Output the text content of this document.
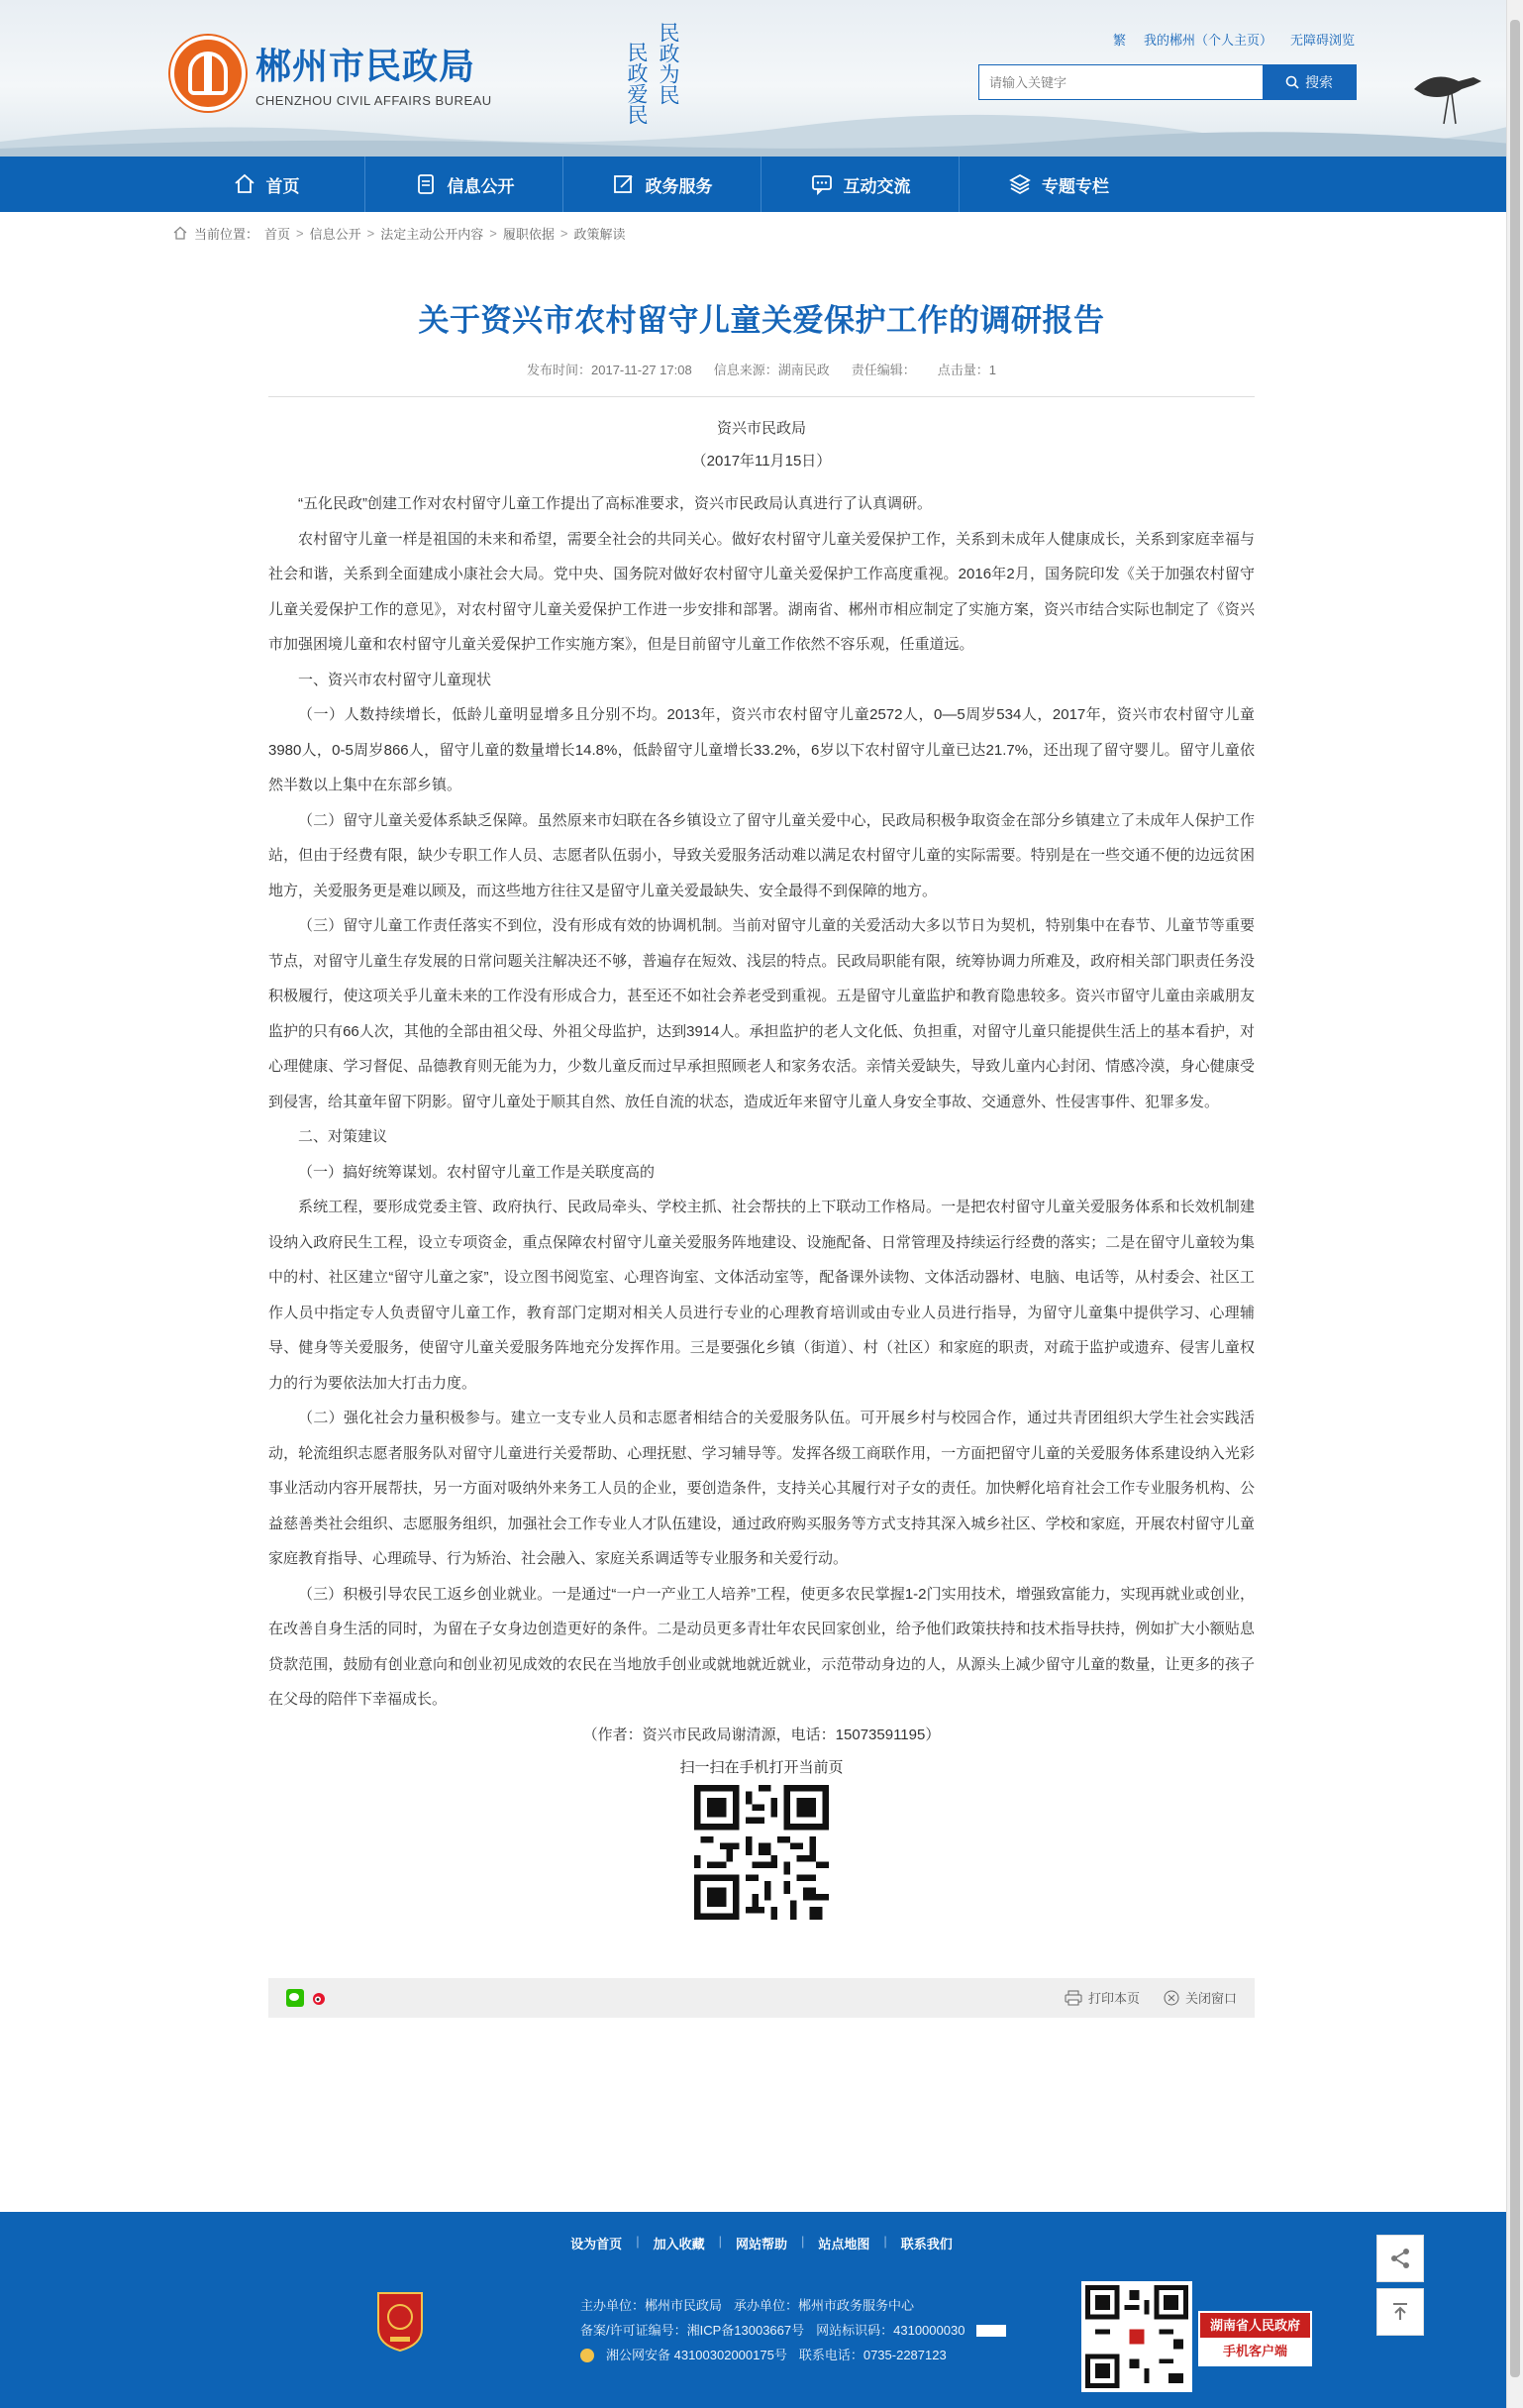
郴州市民政局
CHENZHOU CIVIL AFFAIRS BUREAU	民政为民
民政爱民
繁 我的郴州（个人主页） 无障碍浏览
请输入关键字
搜索
首页	信息公开	政务服务	互动交流	专题专栏
当前位置： 首页 > 信息公开 > 法定主动公开内容 > 履职依据 > 政策解读
关于资兴市农村留守儿童关爱保护工作的调研报告
发布时间：2017-11-27 17:08 信息来源：湖南民政 责任编辑： 点击量：1
资兴市民政局
（2017年11月15日）

“五化民政”创建工作对农村留守儿童工作提出了高标准要求，资兴市民政局认真进行了认真调研。

农村留守儿童一样是祖国的未来和希望，需要全社会的共同关心。做好农村留守儿童关爱保护工作，关系到未成年人健康成长，关系到家庭幸福与社会和谐，关系到全面建成小康社会大局。党中央、国务院对做好农村留守儿童关爱保护工作高度重视。2016年2月，国务院印发《关于加强农村留守儿童关爱保护工作的意见》，对农村留守儿童关爱保护工作进一步安排和部署。湖南省、郴州市相应制定了实施方案，资兴市结合实际也制定了《资兴市加强困境儿童和农村留守儿童关爱保护工作实施方案》，但是目前留守儿童工作依然不容乐观，任重道远。

一、资兴市农村留守儿童现状

（一）人数持续增长，低龄儿童明显增多且分别不均。2013年，资兴市农村留守儿童2572人，0—5周岁534人，2017年，资兴市农村留守儿童3980人，0-5周岁866人，留守儿童的数量增长14.8%，低龄留守儿童增长33.2%，6岁以下农村留守儿童已达21.7%，还出现了留守婴儿。留守儿童依然半数以上集中在东部乡镇。

（二）留守儿童关爱体系缺乏保障。虽然原来市妇联在各乡镇设立了留守儿童关爱中心，民政局积极争取资金在部分乡镇建立了未成年人保护工作站，但由于经费有限，缺少专职工作人员、志愿者队伍弱小，导致关爱服务活动难以满足农村留守儿童的实际需要。特别是在一些交通不便的边远贫困地方，关爱服务更是难以顾及，而这些地方往往又是留守儿童关爱最缺失、安全最得不到保障的地方。

（三）留守儿童工作责任落实不到位，没有形成有效的协调机制。当前对留守儿童的关爱活动大多以节日为契机，特别集中在春节、儿童节等重要节点，对留守儿童生存发展的日常问题关注解决还不够，普遍存在短效、浅层的特点。民政局职能有限，统筹协调力所难及，政府相关部门职责任务没积极履行，使这项关乎儿童未来的工作没有形成合力，甚至还不如社会养老受到重视。五是留守儿童监护和教育隐患较多。资兴市留守儿童由亲戚朋友监护的只有66人次，其他的全部由祖父母、外祖父母监护，达到3914人。承担监护的老人文化低、负担重，对留守儿童只能提供生活上的基本看护，对心理健康、学习督促、品德教育则无能为力，少数儿童反而过早承担照顾老人和家务农活。亲情关爱缺失，导致儿童内心封闭、情感冷漠，身心健康受到侵害，给其童年留下阴影。留守儿童处于顺其自然、放任自流的状态，造成近年来留守儿童人身安全事故、交通意外、性侵害事件、犯罪多发。

二、对策建议

（一）搞好统筹谋划。农村留守儿童工作是关联度高的

系统工程，要形成党委主管、政府执行、民政局牵头、学校主抓、社会帮扶的上下联动工作格局。一是把农村留守儿童关爱服务体系和长效机制建设纳入政府民生工程，设立专项资金，重点保障农村留守儿童关爱服务阵地建设、设施配备、日常管理及持续运行经费的落实；二是在留守儿童较为集中的村、社区建立“留守儿童之家”，设立图书阅览室、心理咨询室、文体活动室等，配备课外读物、文体活动器材、电脑、电话等，从村委会、社区工作人员中指定专人负责留守儿童工作，教育部门定期对相关人员进行专业的心理教育培训或由专业人员进行指导，为留守儿童集中提供学习、心理辅导、健身等关爱服务，使留守儿童关爱服务阵地充分发挥作用。三是要强化乡镇（街道）、村（社区）和家庭的职责，对疏于监护或遗弃、侵害儿童权力的行为要依法加大打击力度。

（二）强化社会力量积极参与。建立一支专业人员和志愿者相结合的关爱服务队伍。可开展乡村与校园合作，通过共青团组织大学生社会实践活动，轮流组织志愿者服务队对留守儿童进行关爱帮助、心理抚慰、学习辅导等。发挥各级工商联作用，一方面把留守儿童的关爱服务体系建设纳入光彩事业活动内容开展帮扶，另一方面对吸纳外来务工人员的企业，要创造条件，支持关心其履行对子女的责任。加快孵化培育社会工作专业服务机构、公益慈善类社会组织、志愿服务组织，加强社会工作专业人才队伍建设，通过政府购买服务等方式支持其深入城乡社区、学校和家庭，开展农村留守儿童家庭教育指导、心理疏导、行为矫治、社会融入、家庭关系调适等专业服务和关爱行动。

（三）积极引导农民工返乡创业就业。一是通过“一户一产业工人培养”工程，使更多农民掌握1-2门实用技术，增强致富能力，实现再就业或创业，在改善自身生活的同时，为留在子女身边创造更好的条件。二是动员更多青壮年农民回家创业，给予他们政策扶持和技术指导扶持，例如扩大小额贴息贷款范围，鼓励有创业意向和创业初见成效的农民在当地放手创业或就地就近就业，示范带动身边的人，从源头上减少留守儿童的数量，让更多的孩子在父母的陪伴下幸福成长。

（作者：资兴市民政局谢清源，电话：15073591195）
扫一扫在手机打开当前页
打印本页	关闭窗口
设为首页 | 加入收藏 | 网站帮助 | 站点地图 | 联系我们
主办单位：郴州市民政局 承办单位：郴州市政务服务中心
备案/许可证编号：湘ICP备13003667号 网站标识码：4310000030
湘公网安备 43100302000175号 联系电话：0735-2287123
湖南省人民政府
手机客户端
